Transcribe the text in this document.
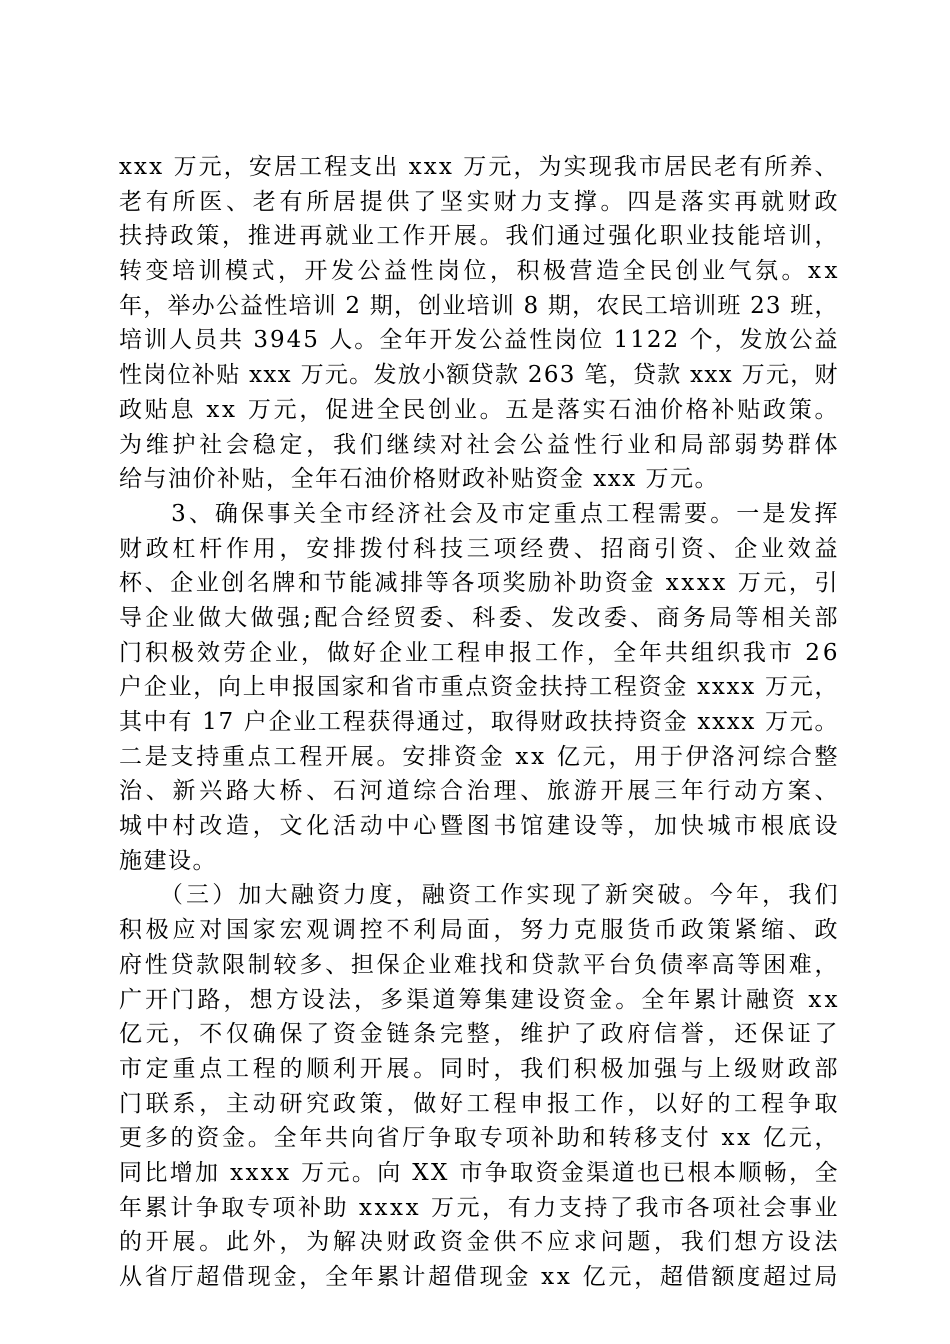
xxx 万元，安居工程支出 xxx 万元，为实现我市居民老有所养、
老有所医、老有所居提供了坚实财力支撑。四是落实再就财政
扶持政策，推进再就业工作开展。我们通过强化职业技能培训，
转变培训模式，开发公益性岗位，积极营造全民创业气氛。xx
年，举办公益性培训 2 期，创业培训 8 期，农民工培训班 23 班，
培训人员共 3945 人。全年开发公益性岗位 1122 个，发放公益
性岗位补贴 xxx 万元。发放小额贷款 263 笔，贷款 xxx 万元，财
政贴息 xx 万元，促进全民创业。五是落实石油价格补贴政策。
为维护社会稳定，我们继续对社会公益性行业和局部弱势群体
给与油价补贴，全年石油价格财政补贴资金 xxx 万元。
　　3、确保事关全市经济社会及市定重点工程需要。一是发挥
财政杠杆作用，安排拨付科技三项经费、招商引资、企业效益
杯、企业创名牌和节能减排等各项奖励补助资金 xxxx 万元，引
导企业做大做强;配合经贸委、科委、发改委、商务局等相关部
门积极效劳企业，做好企业工程申报工作，全年共组织我市 26
户企业，向上申报国家和省市重点资金扶持工程资金 xxxx 万元，
其中有 17 户企业工程获得通过，取得财政扶持资金 xxxx 万元。
二是支持重点工程开展。安排资金 xx 亿元，用于伊洛河综合整
治、新兴路大桥、石河道综合治理、旅游开展三年行动方案、
城中村改造，文化活动中心暨图书馆建设等，加快城市根底设
施建设。
　　（三）加大融资力度，融资工作实现了新突破。今年，我们
积极应对国家宏观调控不利局面，努力克服货币政策紧缩、政
府性贷款限制较多、担保企业难找和贷款平台负债率高等困难，
广开门路，想方设法，多渠道筹集建设资金。全年累计融资 xx
亿元，不仅确保了资金链条完整，维护了政府信誉，还保证了
市定重点工程的顺利开展。同时，我们积极加强与上级财政部
门联系，主动研究政策，做好工程申报工作，以好的工程争取
更多的资金。全年共向省厅争取专项补助和转移支付 xx 亿元，
同比增加 xxxx 万元。向 XX 市争取资金渠道也已根本顺畅，全
年累计争取专项补助 xxxx 万元，有力支持了我市各项社会事业
的开展。此外，为解决财政资金供不应求问题，我们想方设法
从省厅超借现金，全年累计超借现金 xx 亿元，超借额度超过局
